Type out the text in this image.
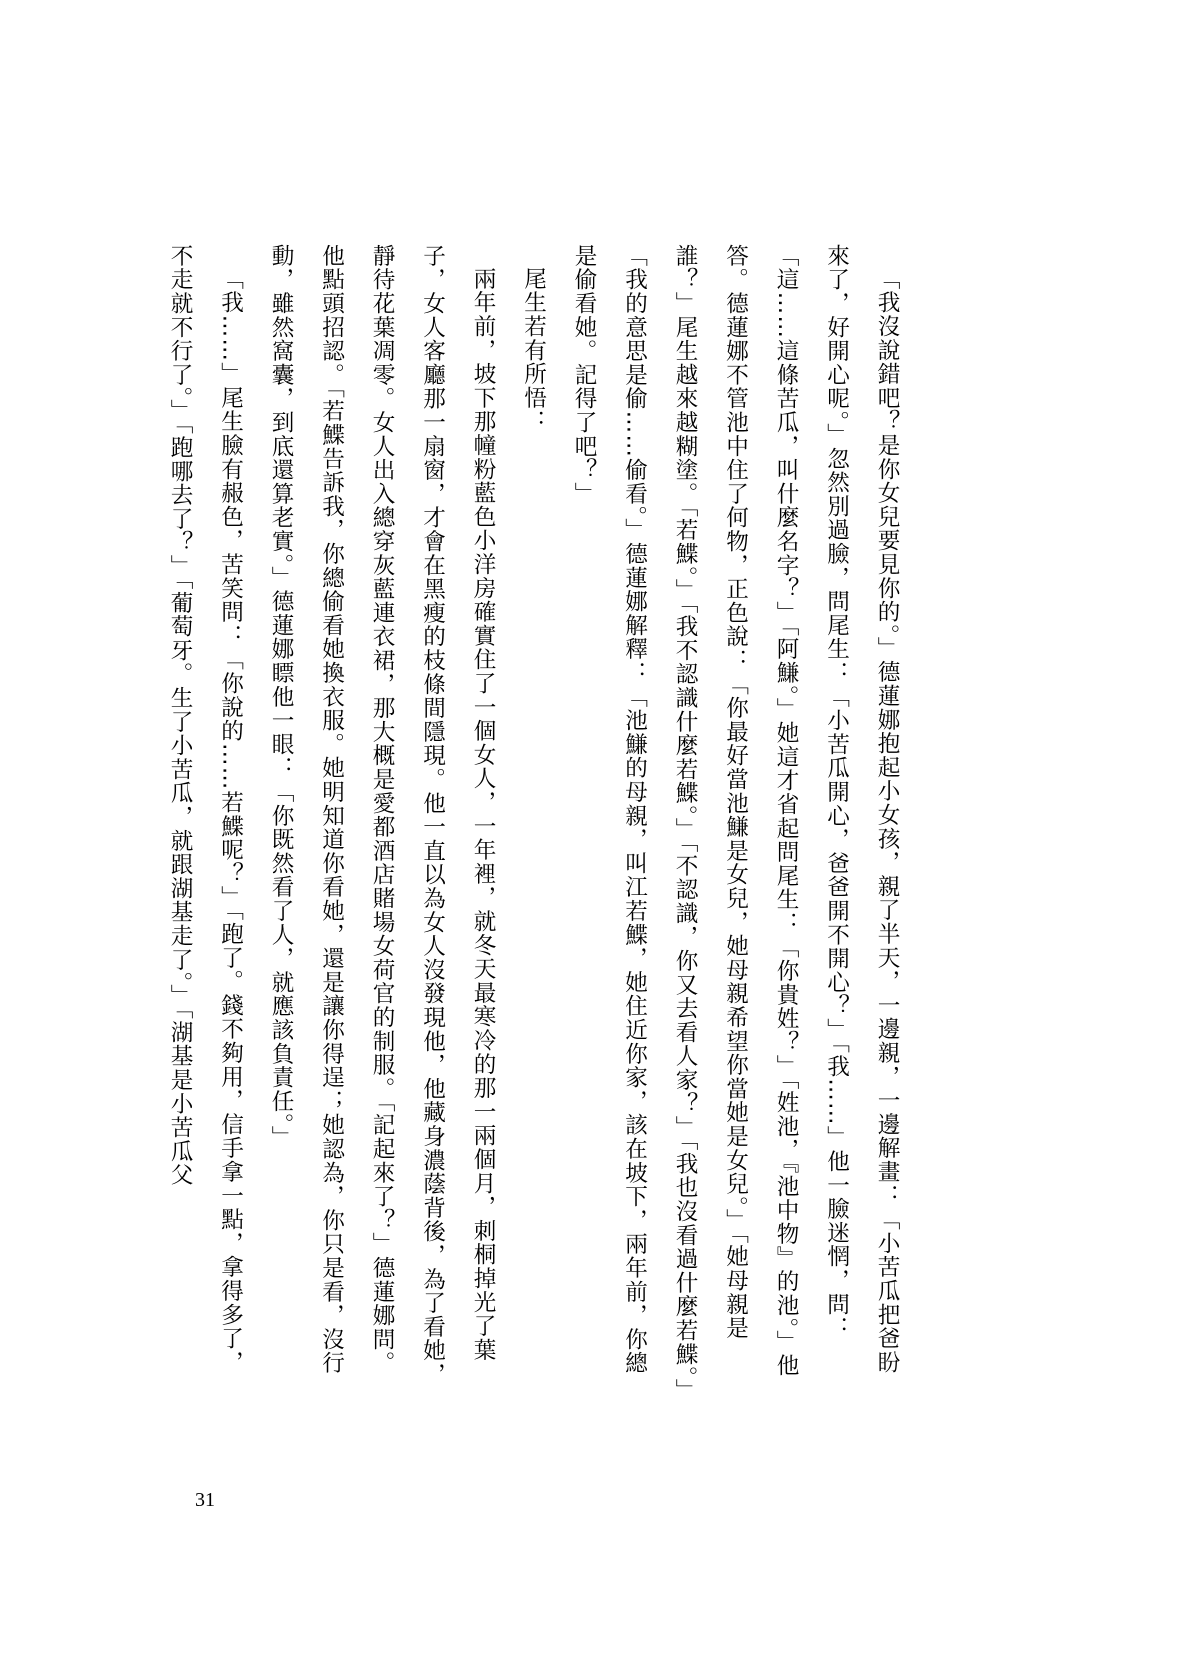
「我沒說錯吧？是你女兒要見你的。」德蓮娜抱起小女孩，親了半天，一邊親，一邊解畫：「小苦瓜把爸盼來了，好開心呢。」忽然別過臉，問尾生：「小苦瓜開心，爸爸開不開心？」「我……」他一臉迷惘，問：「這……這條苦瓜，叫什麼名字？」「阿鰜。」她這才省起問尾生：「你貴姓？」「姓池，『池中物』的池。」他答。德蓮娜不管池中住了何物，正色說：「你最好當池鰜是女兒，她母親希望你當她是女兒。」「她母親是誰？」尾生越來越糊塗。「若鰈。」「我不認識什麼若鰈。」「不認識，你又去看人家？」「我也沒看過什麼若鰈。」「我的意思是偷……偷看。」德蓮娜解釋：「池鰜的母親，叫江若鰈，她住近你家，該在坡下，兩年前，你總是偷看她。記得了吧？」

尾生若有所悟：

兩年前，坡下那幢粉藍色小洋房確實住了一個女人，一年裡，就冬天最寒冷的那一兩個月，刺桐掉光了葉子，女人客廳那一扇窗，才會在黑瘦的枝條間隱現。他一直以為女人沒發現他，他藏身濃蔭背後，為了看她，靜待花葉凋零。女人出入總穿灰藍連衣裙，那大概是愛都酒店賭場女荷官的制服。「記起來了？」德蓮娜問。他點頭招認。「若鰈告訴我，你總偷看她換衣服。她明知道你看她，還是讓你得逞；她認為，你只是看，沒行動，雖然窩囊，到底還算老實。」德蓮娜瞟他一眼：「你既然看了人，就應該負責任。」

「我……」尾生臉有赧色，苦笑問：「你說的……若鰈呢？」「跑了。錢不夠用，信手拿一點，拿得多了，不走就不行了。」「跑哪去了？」「葡萄牙。生了小苦瓜，就跟湖基走了。」「湖基是小苦瓜父

31
